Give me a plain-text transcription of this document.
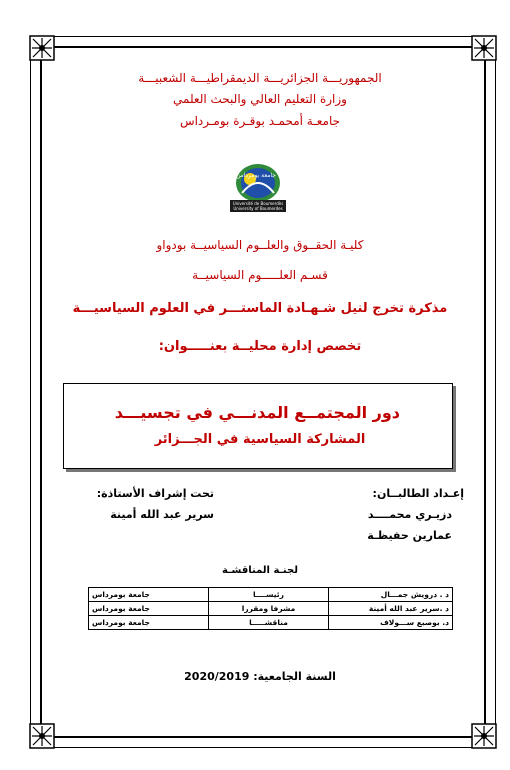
الجمهوريـــة الجزائريـــة الديمقراطيـــة الشعبيـــة
وزارة التعليم العالي والبحث العلمي
جامعـة أمحمـد بوقـرة بومـرداس
جامعة بومرداس
Université de Boumerdès
University of Boumerdes
كليـة الحقــوق والعلــوم السياسيــة بودواو
قسـم العلـــــوم السياسيــة
مذكرة تخرج لنيل شـهـادة الماستـــر في العلوم السياسيـــة
تخصص إدارة محليــة بعنـــــوان:
دور المجتمــع المدنـــي في تجسيـــد
المشاركة السياسية في الجـــزائر
إعـداد الطالبــان:
دزيـري محمــــد
عمارين حفيظـة
تحت إشراف الأستاذة:
سرير عبد الله أمينة
لجنـة المناقشـة
د . درويش جمـــال	رئيســــا	جامعة بومرداس
د .سرير عبد الله أمينة	مشرفا ومقررا	جامعة بومرداس
د. بوصبع ســـولاف	مناقشـــــا	جامعة بومرداس
السنة الجامعية: 2020/2019
